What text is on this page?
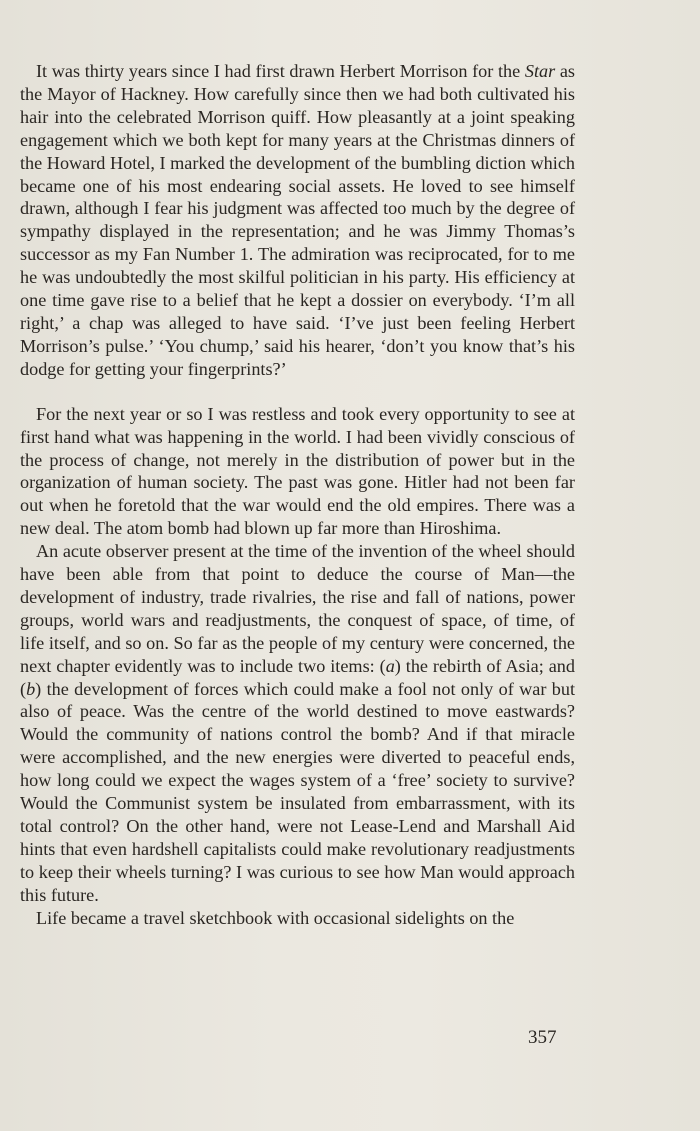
It was thirty years since I had first drawn Herbert Morrison for the Star as the Mayor of Hackney. How carefully since then we had both cultivated his hair into the celebrated Morrison quiff. How pleasantly at a joint speaking engagement which we both kept for many years at the Christmas dinners of the Howard Hotel, I marked the development of the bumbling diction which became one of his most endearing social assets. He loved to see himself drawn, although I fear his judgment was affected too much by the degree of sympathy displayed in the representation; and he was Jimmy Thomas’s successor as my Fan Number 1. The admiration was reciprocated, for to me he was undoubtedly the most skilful politician in his party. His efficiency at one time gave rise to a belief that he kept a dossier on everybody. ‘I’m all right,’ a chap was alleged to have said. ‘I’ve just been feeling Herbert Morrison’s pulse.’ ‘You chump,’ said his hearer, ‘don’t you know that’s his dodge for getting your fingerprints?’

For the next year or so I was restless and took every opportunity to see at first hand what was happening in the world. I had been vividly conscious of the process of change, not merely in the distribution of power but in the organization of human society. The past was gone. Hitler had not been far out when he foretold that the war would end the old empires. There was a new deal. The atom bomb had blown up far more than Hiroshima.

An acute observer present at the time of the invention of the wheel should have been able from that point to deduce the course of Man—the development of industry, trade rivalries, the rise and fall of nations, power groups, world wars and readjustments, the conquest of space, of time, of life itself, and so on. So far as the people of my century were concerned, the next chapter evidently was to include two items: (a) the rebirth of Asia; and (b) the development of forces which could make a fool not only of war but also of peace. Was the centre of the world destined to move eastwards? Would the community of nations control the bomb? And if that miracle were accomplished, and the new energies were diverted to peaceful ends, how long could we expect the wages system of a ‘free’ society to survive? Would the Communist system be insulated from embarrassment, with its total control? On the other hand, were not Lease-Lend and Marshall Aid hints that even hardshell capitalists could make revolutionary readjustments to keep their wheels turning? I was curious to see how Man would approach this future.

Life became a travel sketchbook with occasional sidelights on the

357
